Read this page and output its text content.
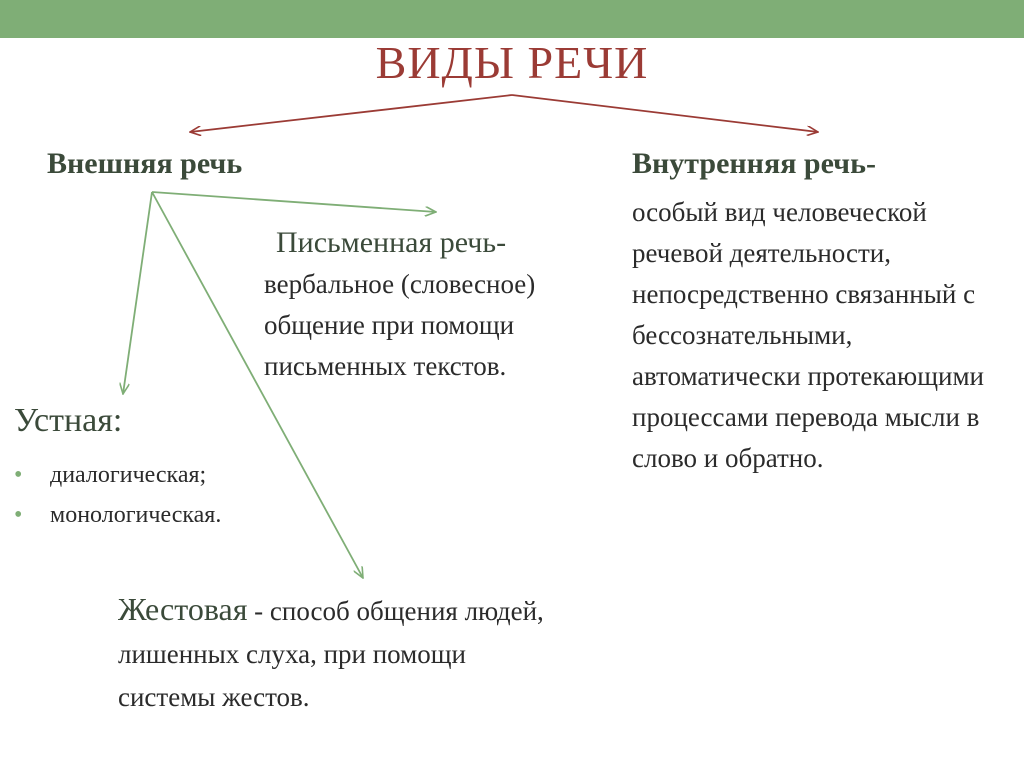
ВИДЫ РЕЧИ
Внешняя речь	Внутренняя речь-
особый вид человеческой речевой деятельности, непосредственно связанный с бессознательными, автоматически протекающими процессами перевода мысли в слово и обратно.
Письменная речь-
вербальное (словесное) общение при помощи письменных текстов.
Устная:
• диалогическая;
• монологическая.
Жестовая - способ общения людей, лишенных слуха, при помощи системы жестов.
